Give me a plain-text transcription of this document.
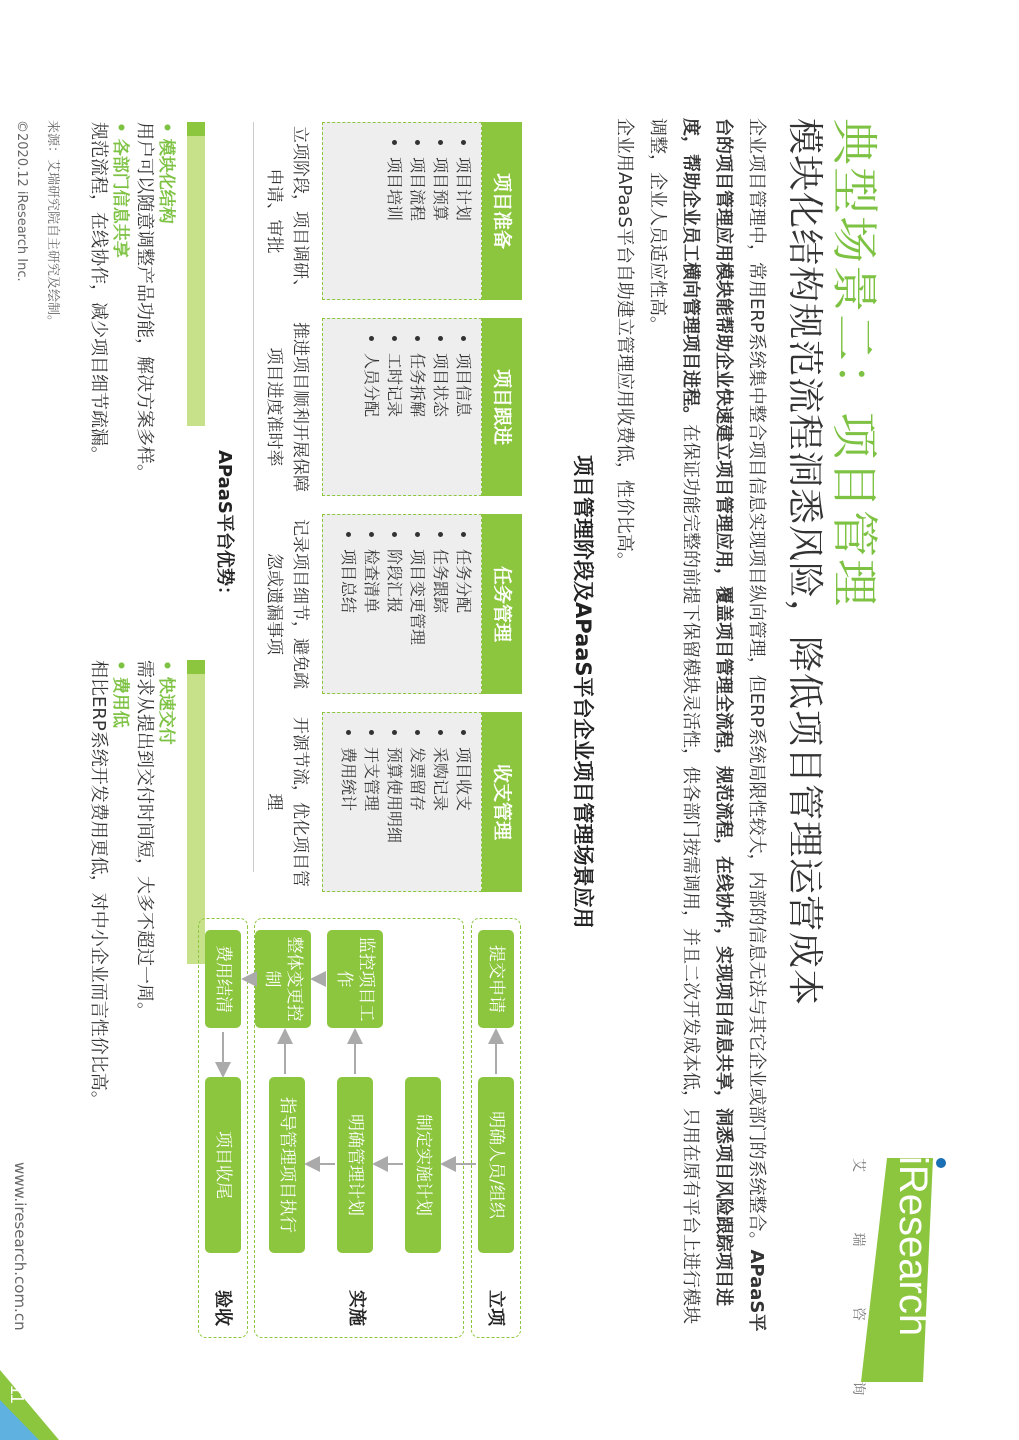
典型场景二：项目管理
模块化结构规范流程洞悉风险，降低项目管理运营成本
iResearch
艾 瑞 咨 询
企业项目管理中，常用ERP系统集中整合项目信息实现项目纵向管理，但ERP系统局限性较大，内部的信息无法与其它企业或部门的系统整合。APaaS平台的项目管理应用模块能帮助企业快速建立项目管理应用，覆盖项目管理全流程，规范流程，在线协作，实现项目信息共享，洞悉项目风险跟踪项目进度，帮助企业员工横向管理项目进程。在保证功能完整的前提下保留模块灵活性，供各部门按需调用，并且二次开发成本低，只用在原有平台上进行模块调整，企业人员适应性高。
企业用APaaS平台自助建立管理应用收费低，性价比高。
项目管理阶段及APaaS平台企业项目管理场景应用
项目准备
• 项目计划
• 项目预算
• 项目流程
• 项目培训
立项阶段，项目调研、申请、审批
项目跟进
• 项目信息
• 项目状态
• 任务拆解
• 工时记录
• 人员分配
推进项目顺利开展保障项目进度准时率
任务管理
• 任务分配
• 任务跟踪
• 项目变更管理
• 阶段汇报
• 检查清单
• 项目总结
记录项目细节，避免疏忽或遗漏事项
收支管理
• 项目收支
• 采购记录
• 发票留存
• 预算使用明细
• 开支管理
• 费用统计
开源节流，优化项目管理
APaaS平台优势：
• 模块化结构
用户可以随意调整产品功能，解决方案多样。
• 各部门信息共享
规范流程，在线协作，减少项目细节疏漏。
• 快速交付
需求从提出到交付时间短，大多不超过一周。
• 费用低
相比ERP系统开发费用更低，对中小企业而言性价比高。
立项
实施
验收
提交申请
明确人员/组织
制定实施计划
明确管理计划
指导管理项目执行
监控项目工作
整体变更控制
费用结清
项目收尾
来源：艾瑞研究院自主研究及绘制。
©2020.12 iResearch Inc.
www.iresearch.com.cn
11
